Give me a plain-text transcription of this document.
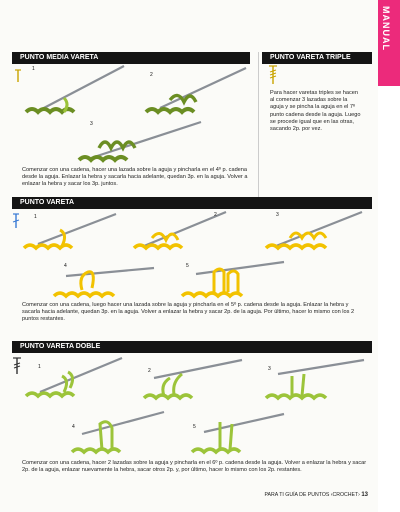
MANUAL
PUNTO MEDIA VARETA
1
2
3
Comenzar con una cadena, hacer una lazada sobre la aguja y pincharla en el 4º p. cadena desde la aguja. Enlazar la hebra y sacarla hacia adelante, quedan 3p. en la aguja. Volver a enlazar la hebra y sacar los 3p. juntos.
PUNTO VARETA TRIPLE
Para hacer varetas triples se hacen al comenzar 3 lazadas sobre la aguja y se pincha la aguja en el 7º punto cadena desde la aguja. Luego se procede igual que en las otras, sacando 2p. por vez.
PUNTO VARETA
1	2	3
4	5
Comenzar con una cadena, luego hacer una lazada sobre la aguja y pincharla en el 5º p. cadena desde la aguja. Enlazar la hebra y sacarla hacia adelante, quedan 3p. en la aguja. Volver a enlazar la hebra y sacar 2p. de la aguja. Por último, hacer lo mismo con los 2 puntos restantes.
PUNTO VARETA DOBLE
1
2	3
4	5
Comenzar con una cadena, hacer 2 lazadas sobre la aguja y pincharla en el 6º p. cadena desde la aguja. Volver a enlazar la hebra y sacar 2p. de la aguja, enlazar nuevamente la hebra, sacar otros 2p. y, por último, hacer lo mismo con los 2p. restantes.
PARA TI GUÍA DE PUNTOS ‹CROCHET› 13
